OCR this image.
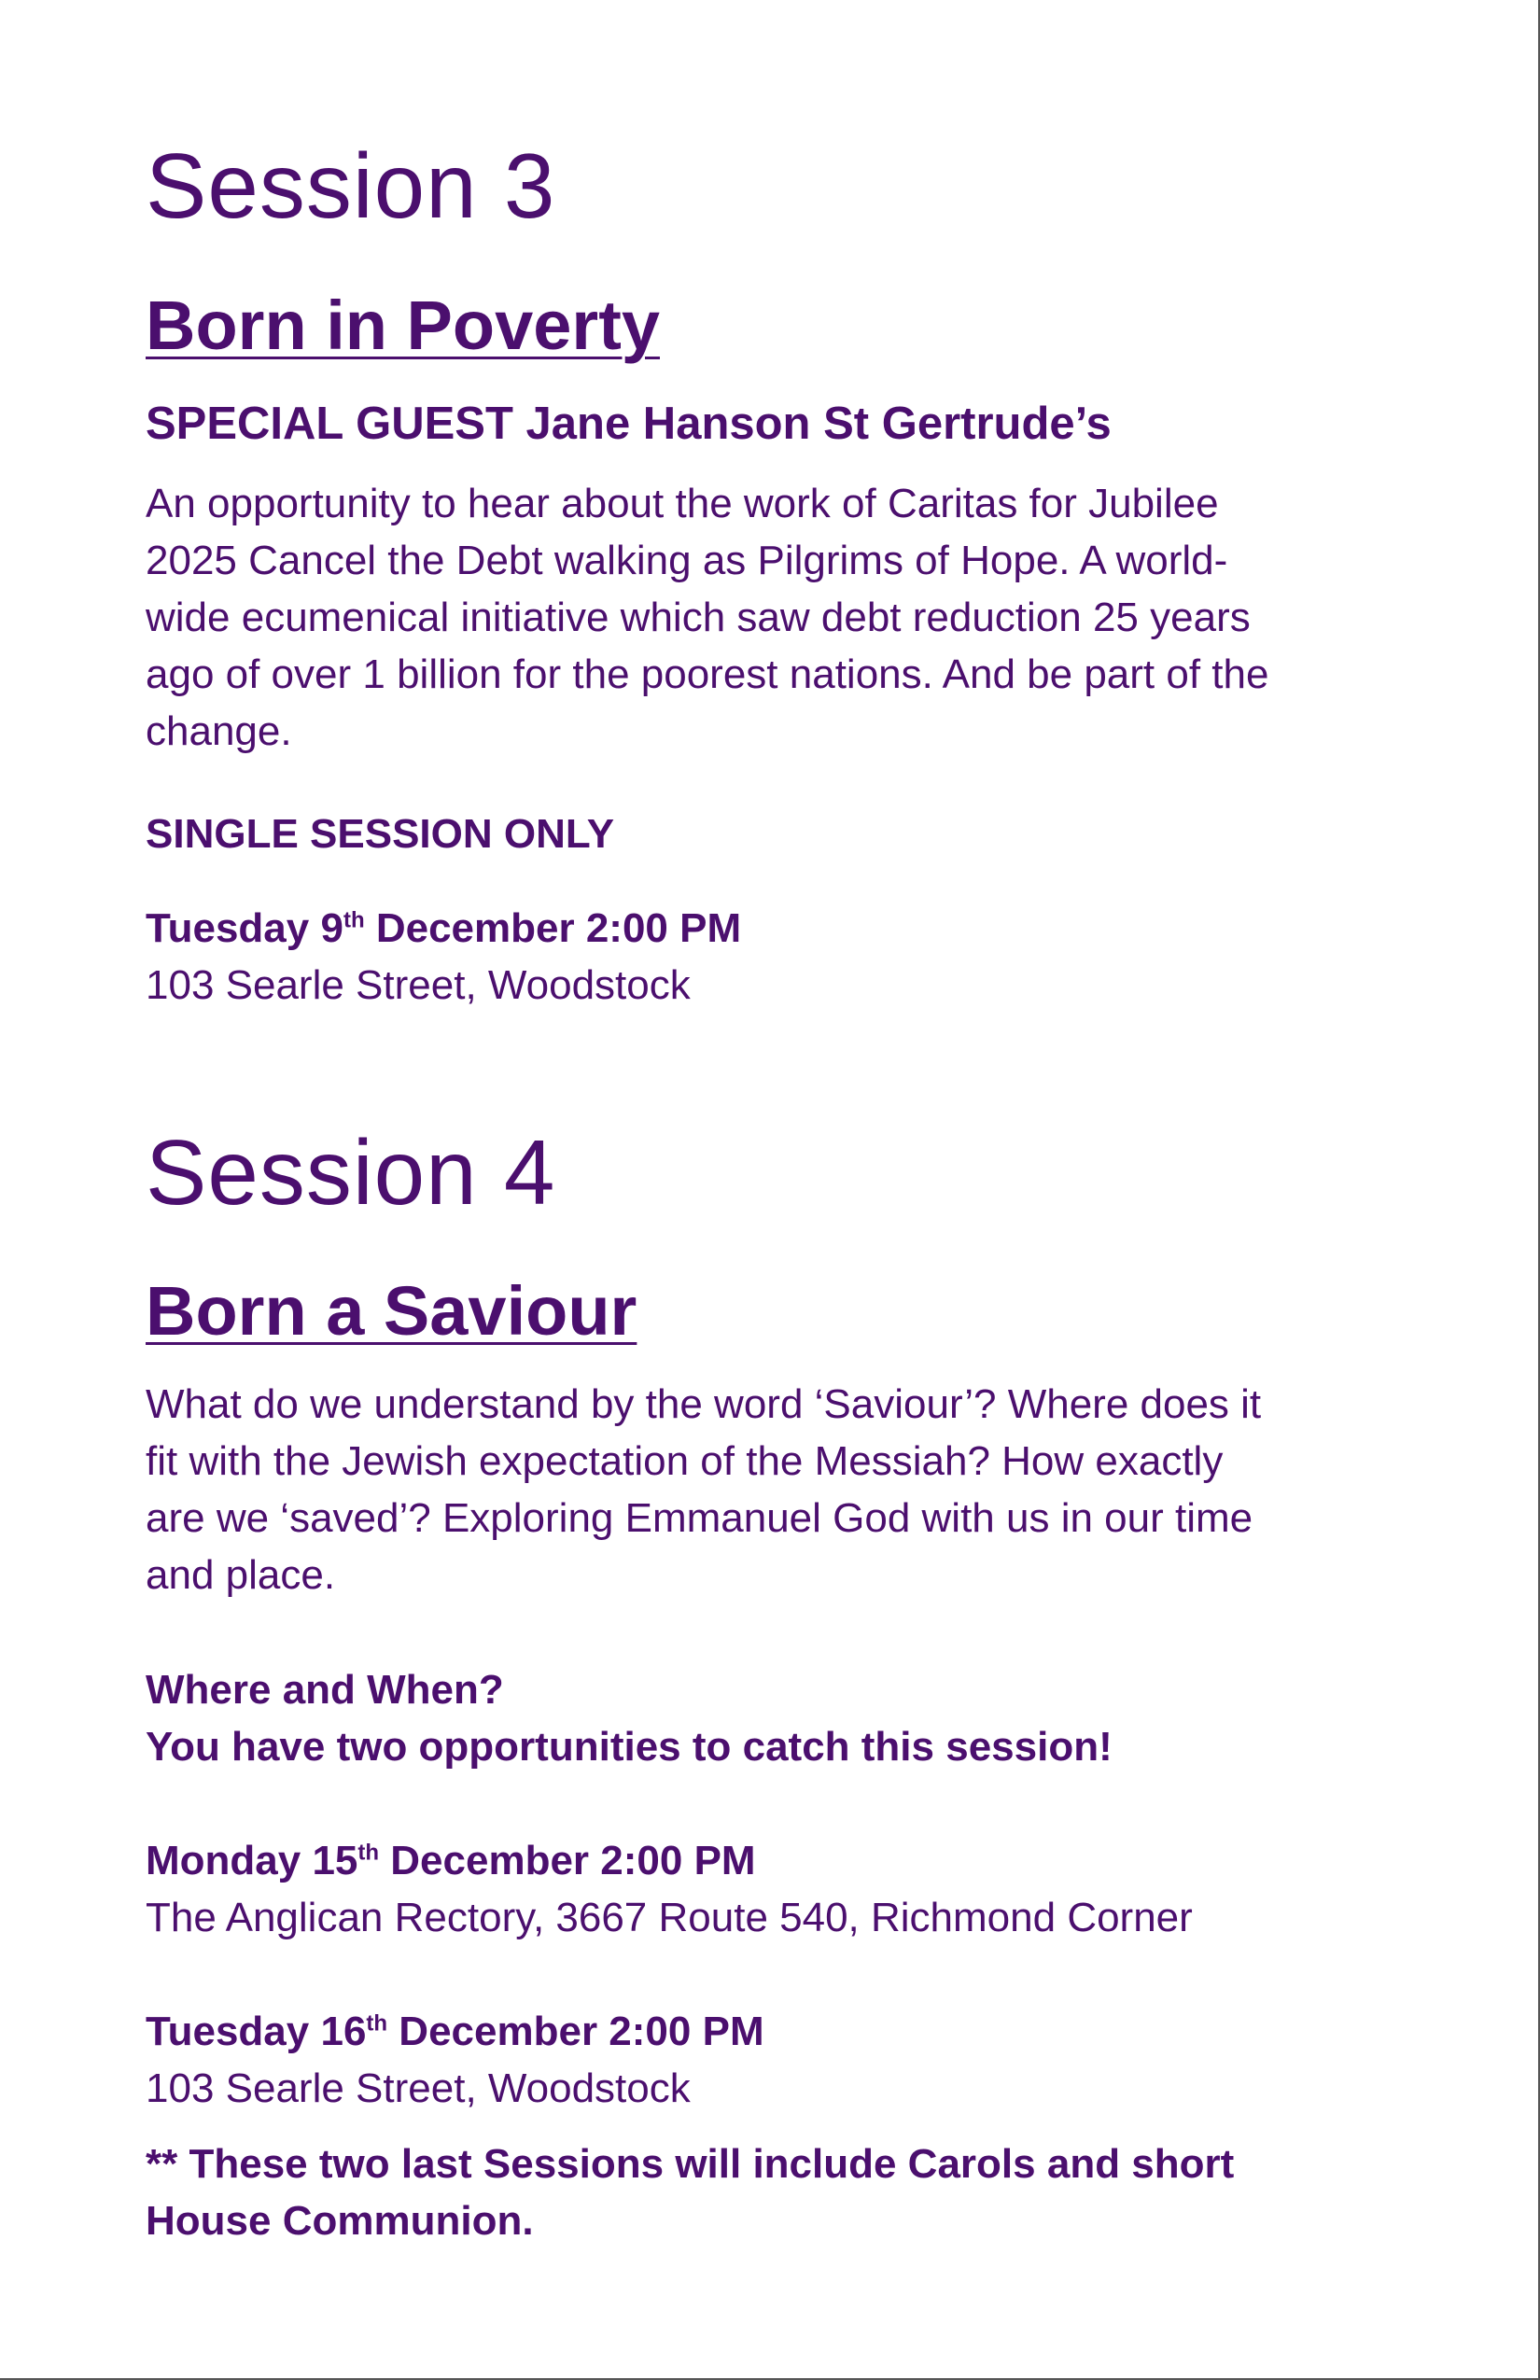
Session 3
Born in Poverty
SPECIAL GUEST Jane Hanson St Gertrude’s

An opportunity to hear about the work of Caritas for Jubilee
2025 Cancel the Debt walking as Pilgrims of Hope. A world-
wide ecumenical initiative which saw debt reduction 25 years
ago of over 1 billion for the poorest nations. And be part of the
change.

SINGLE SESSION ONLY
Tuesday 9th December 2:00 PM
103 Searle Street, Woodstock
Session 4
Born a Saviour

What do we understand by the word ‘Saviour’? Where does it
fit with the Jewish expectation of the Messiah? How exactly
are we ‘saved’? Exploring Emmanuel God with us in our time
and place.

Where and When?
You have two opportunities to catch this session!
Monday 15th December 2:00 PM
The Anglican Rectory, 3667 Route 540, Richmond Corner
Tuesday 16th December 2:00 PM
103 Searle Street, Woodstock
** These two last Sessions will include Carols and short
House Communion.
